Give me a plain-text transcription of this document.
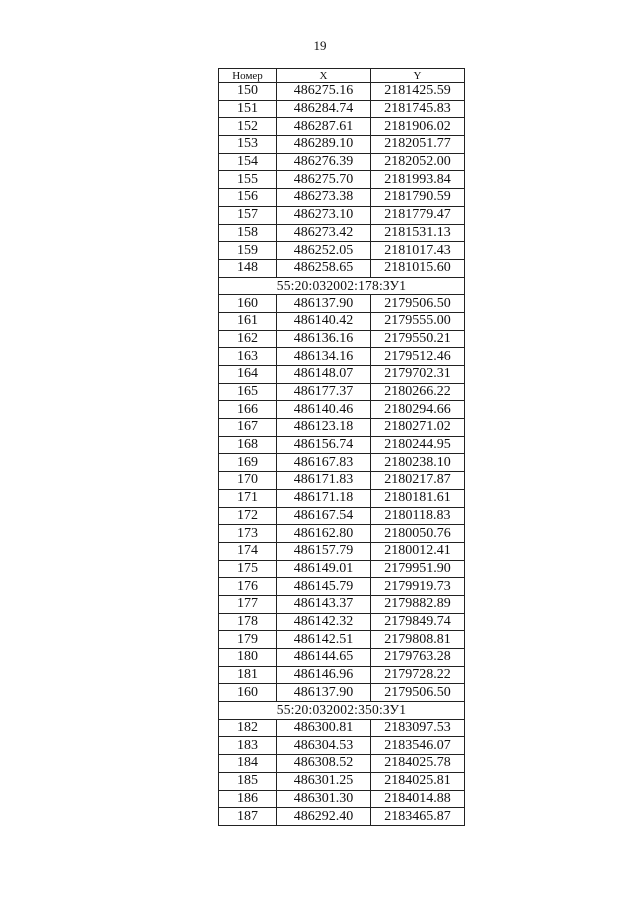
19
Номер	X	Y
150	486275.16	2181425.59
151	486284.74	2181745.83
152	486287.61	2181906.02
153	486289.10	2182051.77
154	486276.39	2182052.00
155	486275.70	2181993.84
156	486273.38	2181790.59
157	486273.10	2181779.47
158	486273.42	2181531.13
159	486252.05	2181017.43
148	486258.65	2181015.60
55:20:032002:178:ЗУ1		
160	486137.90	2179506.50
161	486140.42	2179555.00
162	486136.16	2179550.21
163	486134.16	2179512.46
164	486148.07	2179702.31
165	486177.37	2180266.22
166	486140.46	2180294.66
167	486123.18	2180271.02
168	486156.74	2180244.95
169	486167.83	2180238.10
170	486171.83	2180217.87
171	486171.18	2180181.61
172	486167.54	2180118.83
173	486162.80	2180050.76
174	486157.79	2180012.41
175	486149.01	2179951.90
176	486145.79	2179919.73
177	486143.37	2179882.89
178	486142.32	2179849.74
179	486142.51	2179808.81
180	486144.65	2179763.28
181	486146.96	2179728.22
160	486137.90	2179506.50
55:20:032002:350:ЗУ1		
182	486300.81	2183097.53
183	486304.53	2183546.07
184	486308.52	2184025.78
185	486301.25	2184025.81
186	486301.30	2184014.88
187	486292.40	2183465.87
